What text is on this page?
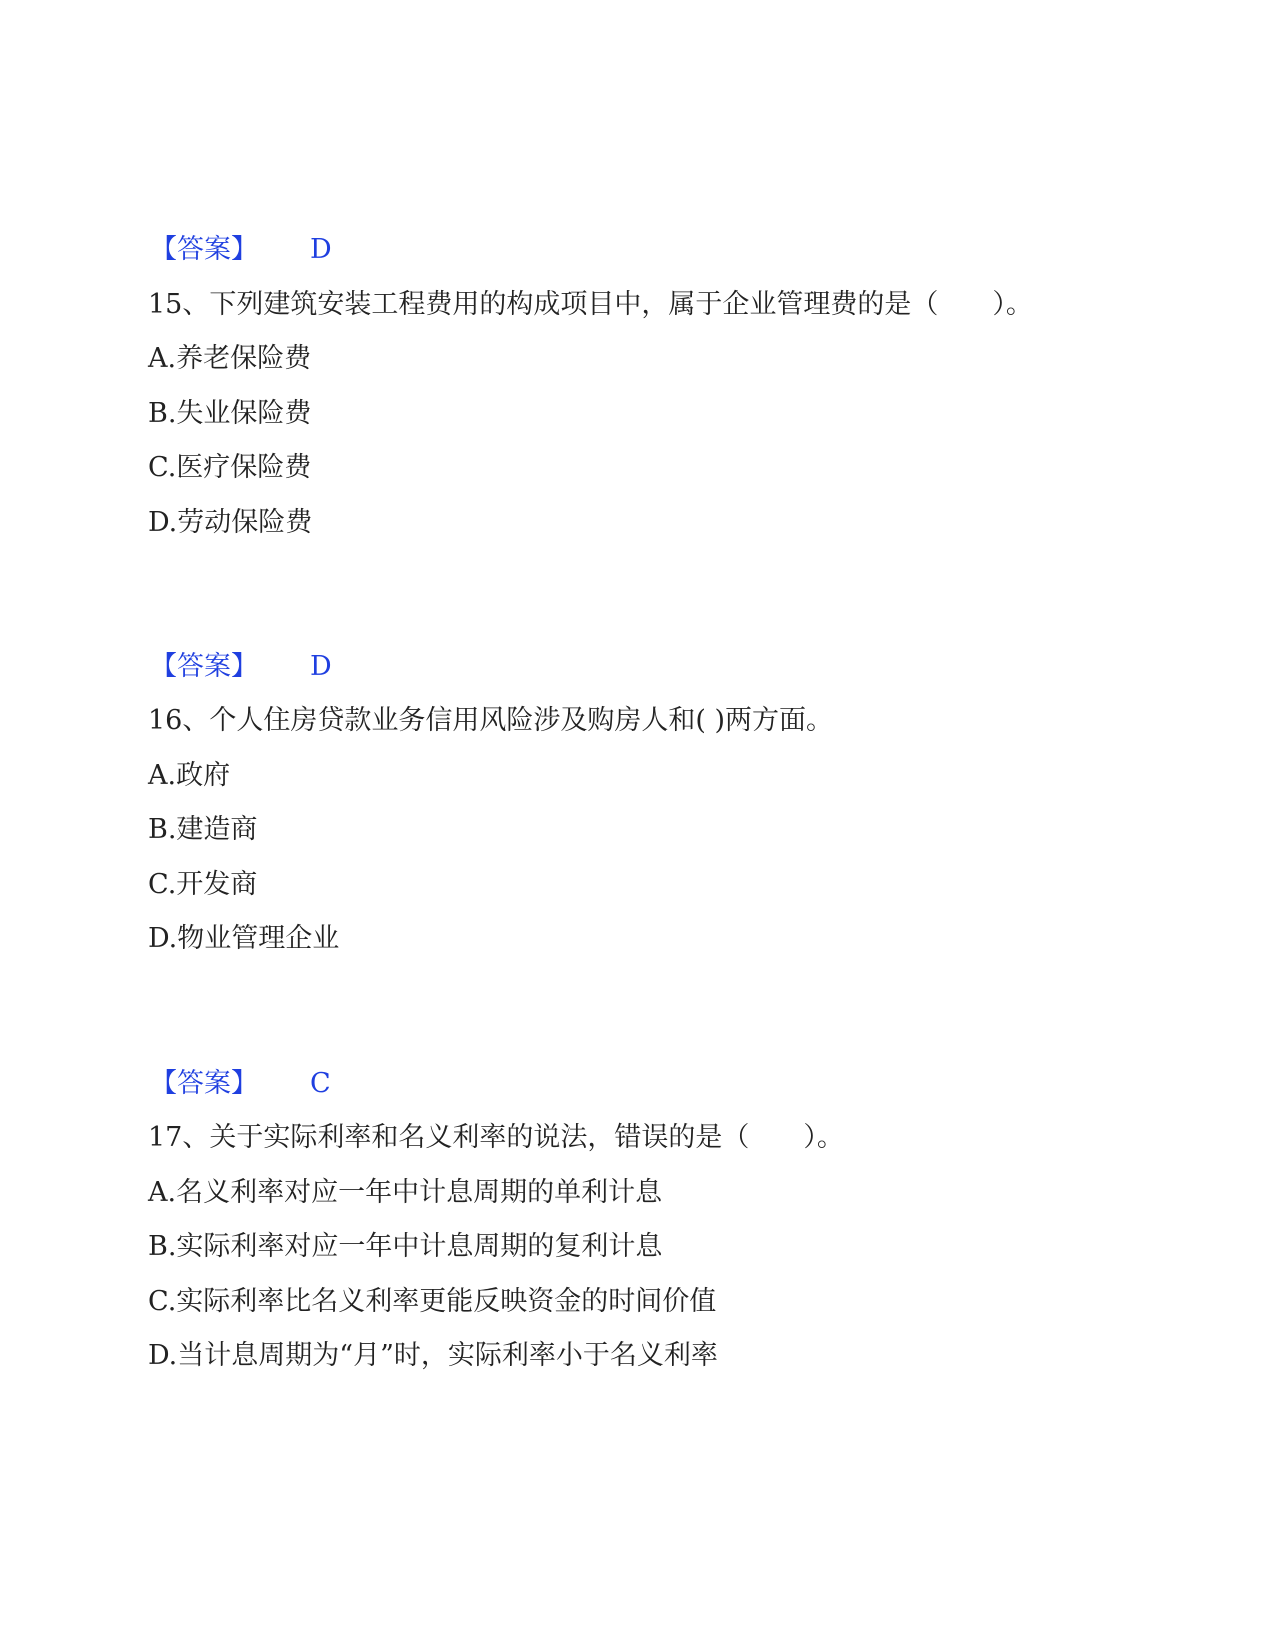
【答案】 D
15、下列建筑安装工程费用的构成项目中，属于企业管理费的是（　　）。
A.养老保险费
B.失业保险费
C.医疗保险费
D.劳动保险费
【答案】 D
16、个人住房贷款业务信用风险涉及购房人和( )两方面。
A.政府
B.建造商
C.开发商
D.物业管理企业
【答案】 C
17、关于实际利率和名义利率的说法，错误的是（　　）。
A.名义利率对应一年中计息周期的单利计息
B.实际利率对应一年中计息周期的复利计息
C.实际利率比名义利率更能反映资金的时间价值
D.当计息周期为“月”时，实际利率小于名义利率
